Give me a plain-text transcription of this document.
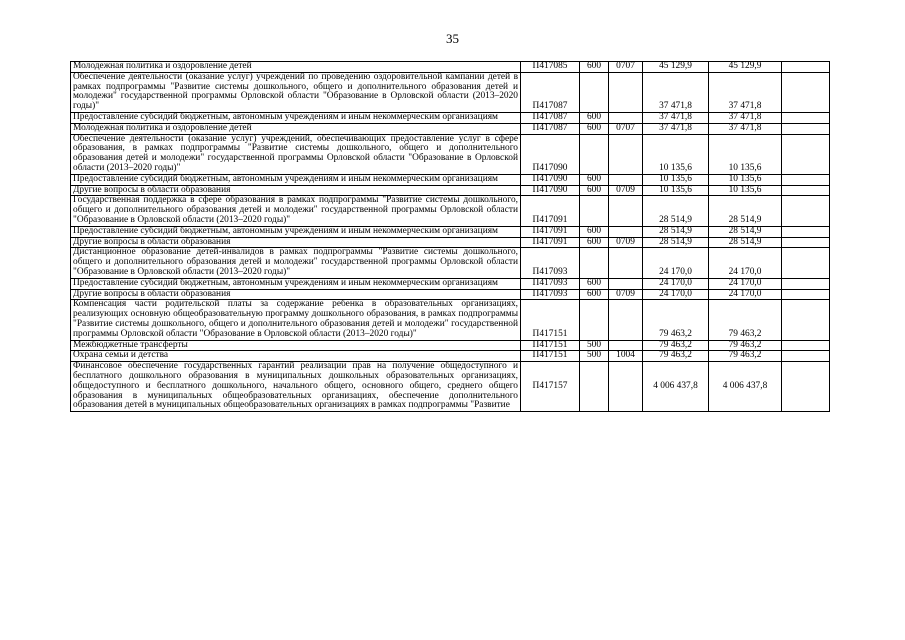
35
Молодежная политика и оздоровление детей	П417085	600	0707	45 129,9	45 129,9	
Обеспечение деятельности (оказание услуг) учреждений по проведению оздоровительной кампании детей в рамках подпрограммы "Развитие системы дошкольного, общего и дополнительного образования детей и молодежи" государственной программы Орловской области "Образование в Орловской области (2013–2020 годы)"	П417087			37 471,8	37 471,8	
Предоставление субсидий бюджетным, автономным учреждениям и иным некоммерческим организациям	П417087	600		37 471,8	37 471,8	
Молодежная политика и оздоровление детей	П417087	600	0707	37 471,8	37 471,8	
Обеспечение деятельности (оказание услуг) учреждений, обеспечивающих предоставление услуг в сфере образования, в рамках подпрограммы "Развитие системы дошкольного, общего и дополнительного образования детей и молодежи" государственной программы Орловской области "Образование в Орловской области (2013–2020 годы)"	П417090			10 135,6	10 135,6	
Предоставление субсидий бюджетным, автономным учреждениям и иным некоммерческим организациям	П417090	600		10 135,6	10 135,6	
Другие вопросы в области образования	П417090	600	0709	10 135,6	10 135,6	
Государственная поддержка в сфере образования в рамках подпрограммы "Развитие системы дошкольного, общего и дополнительного образования детей и молодежи" государственной программы Орловской области "Образование в Орловской области (2013–2020 годы)"	П417091			28 514,9	28 514,9	
Предоставление субсидий бюджетным, автономным учреждениям и иным некоммерческим организациям	П417091	600		28 514,9	28 514,9	
Другие вопросы в области образования	П417091	600	0709	28 514,9	28 514,9	
Дистанционное образование детей-инвалидов в рамках подпрограммы "Развитие системы дошкольного, общего и дополнительного образования детей и молодежи" государственной программы Орловской области "Образование в Орловской области (2013–2020 годы)"	П417093			24 170,0	24 170,0	
Предоставление субсидий бюджетным, автономным учреждениям и иным некоммерческим организациям	П417093	600		24 170,0	24 170,0	
Другие вопросы в области образования	П417093	600	0709	24 170,0	24 170,0	
Компенсация части родительской платы за содержание ребенка в образовательных организациях, реализующих основную общеобразовательную программу дошкольного образования, в рамках подпрограммы "Развитие системы дошкольного, общего и дополнительного образования детей и молодежи" государственной программы Орловской области "Образование в Орловской области (2013–2020 годы)"	П417151			79 463,2	79 463,2	
Межбюджетные трансферты	П417151	500		79 463,2	79 463,2	
Охрана семьи и детства	П417151	500	1004	79 463,2	79 463,2	
Финансовое обеспечение государственных гарантий реализации прав на получение общедоступного и бесплатного дошкольного образования в муниципальных дошкольных образовательных организациях, общедоступного и бесплатного дошкольного, начального общего, основного общего, среднего общего образования в муниципальных общеобразовательных организациях, обеспечение дополнительного образования детей в муниципальных общеобразовательных организациях в рамках подпрограммы "Развитие	П417157			4 006 437,8	4 006 437,8	
